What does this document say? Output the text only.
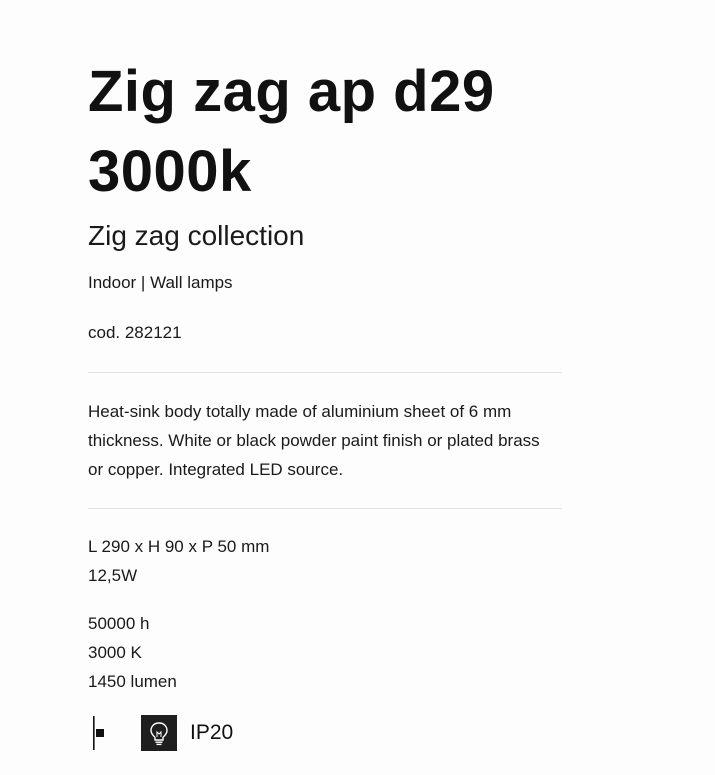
Zig zag ap d29 3000k
Zig zag collection
Indoor | Wall lamps
cod. 282121
Heat-sink body totally made of aluminium sheet of 6 mm thickness. White or black powder paint finish or plated brass or copper. Integrated LED source.
L 290 x H 90 x P 50 mm
12,5W
50000 h
3000 K
1450 lumen
IP20
